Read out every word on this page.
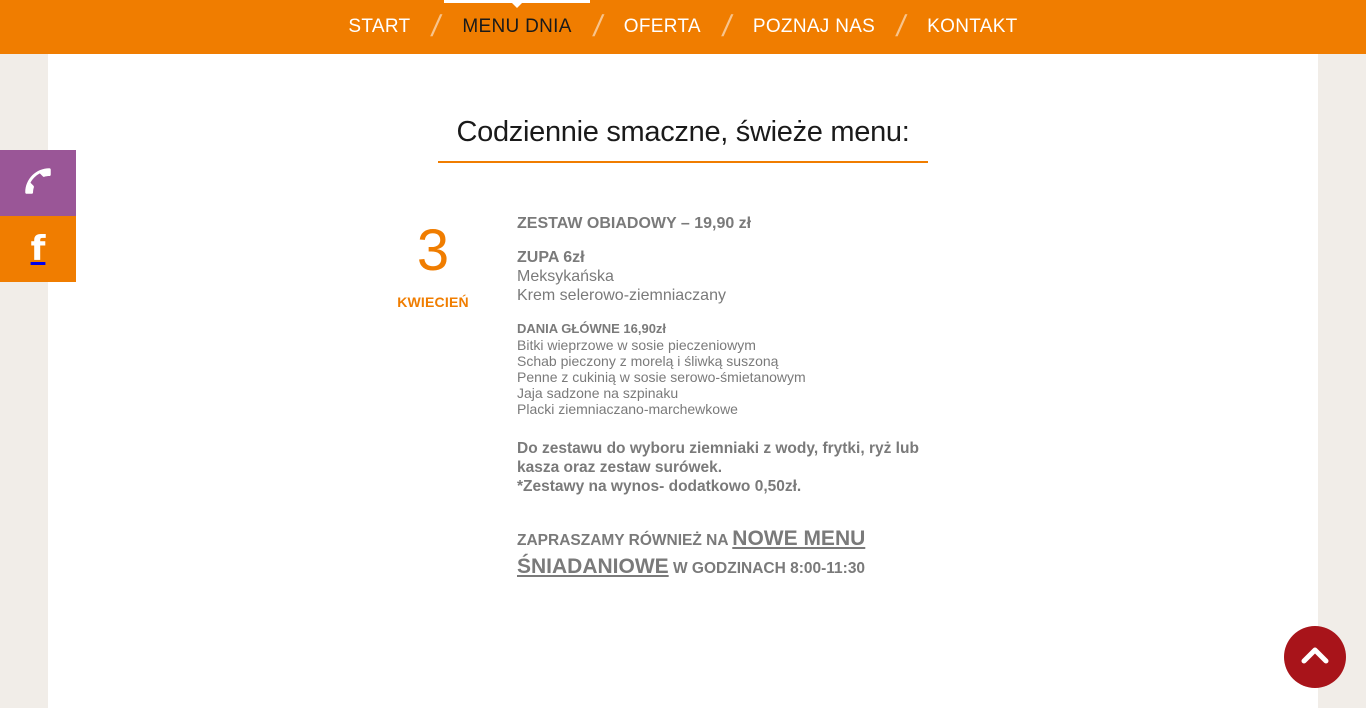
START / MENU DNIA / OFERTA / POZNAJ NAS / KONTAKT
Codziennie smaczne, świeże menu:
3
KWIECIEŃ
ZESTAW OBIADOWY – 19,90 zł
ZUPA 6zł
Meksykańska
Krem selerowo-ziemniaczany
DANIA GŁÓWNE 16,90zł
Bitki wieprzowe w sosie pieczeniowym
Schab pieczony z morelą i śliwką suszoną
Penne z cukinią w sosie serowo-śmietanowym
Jaja sadzone na szpinaku
Placki ziemniaczano-marchewkowe
Do zestawu do wyboru ziemniaki z wody, frytki, ryż lub kasza oraz zestaw surówek.
*Zestawy na wynos- dodatkowo 0,50zł.
ZAPRASZAMY RÓWNIEŻ NA NOWE MENU ŚNIADANIOWE W GODZINACH 8:00-11:30
f
